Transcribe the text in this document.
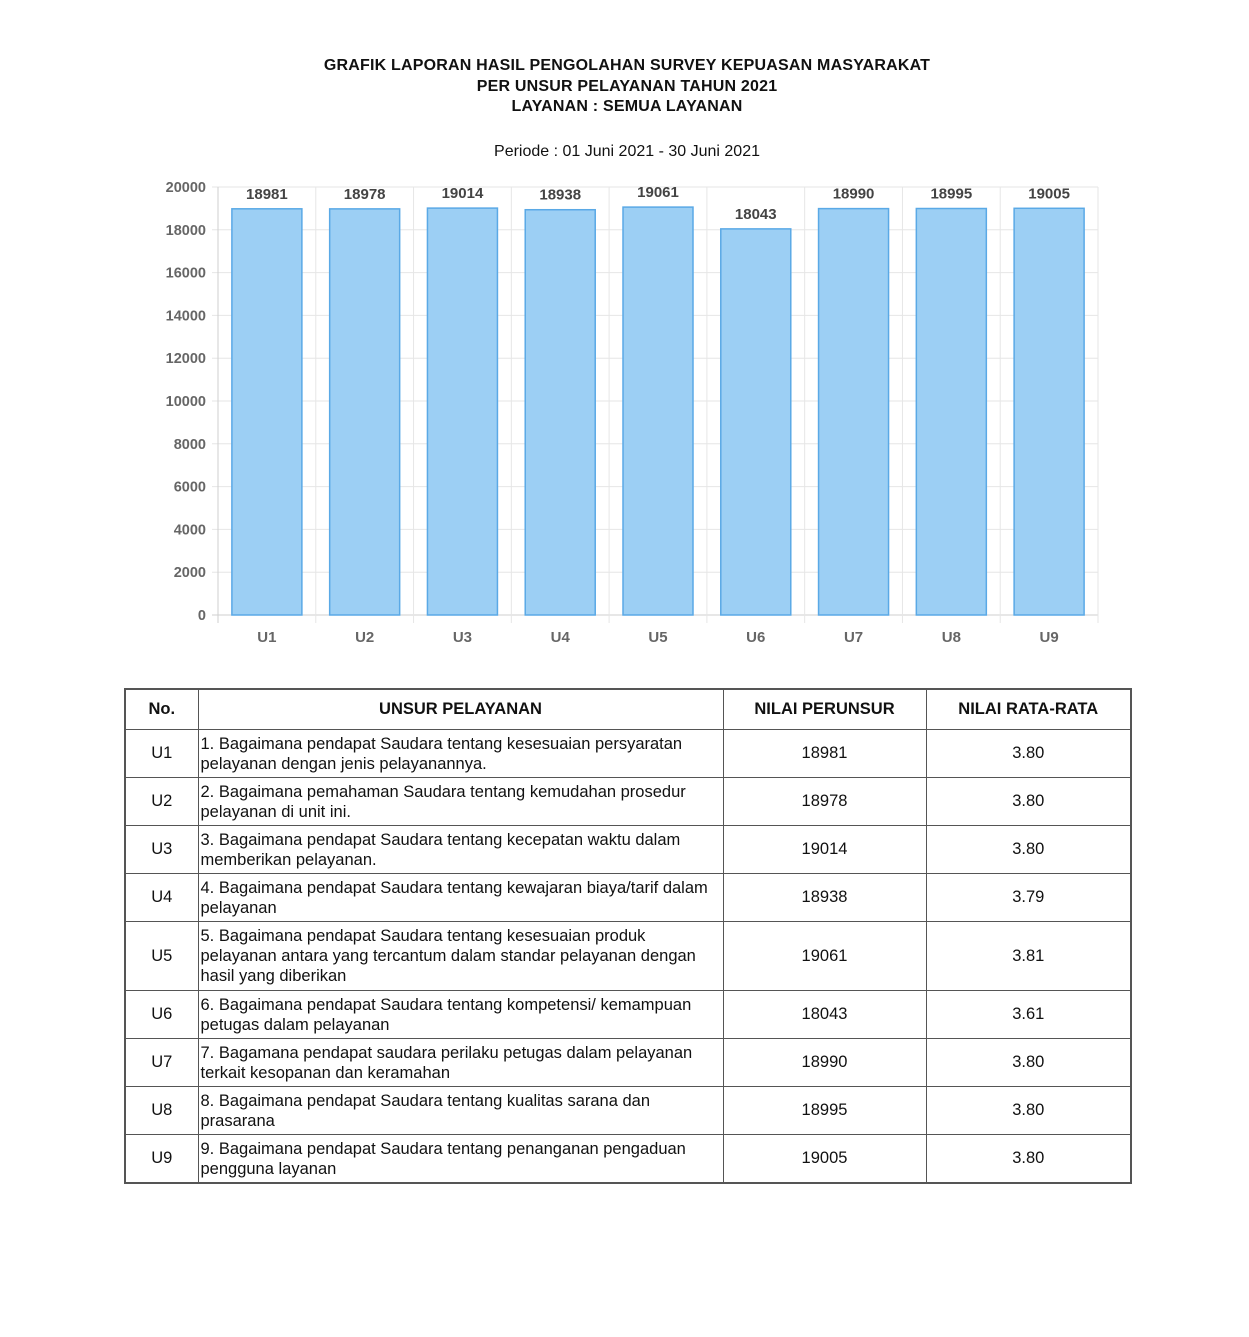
GRAFIK LAPORAN HASIL PENGOLAHAN SURVEY KEPUASAN MASYARAKAT
PER UNSUR PELAYANAN TAHUN 2021
LAYANAN : SEMUA LAYANAN
Periode : 01 Juni 2021 - 30 Juni 2021
0
2000
4000
6000
8000
10000
12000
14000
16000
18000
20000	18981
U1
18978
U2
19014
U3
18938
U4
19061
U5
18043
U6
18990
U7
18995
U8
19005
U9
No.	UNSUR PELAYANAN	NILAI PERUNSUR	NILAI RATA-RATA
U1	1. Bagaimana pendapat Saudara tentang kesesuaian persyaratan pelayanan dengan jenis pelayanannya.	18981	3.80
U2	2. Bagaimana pemahaman Saudara tentang kemudahan prosedur pelayanan di unit ini.	18978	3.80
U3	3. Bagaimana pendapat Saudara tentang kecepatan waktu dalam memberikan pelayanan.	19014	3.80
U4	4. Bagaimana pendapat Saudara tentang kewajaran biaya/tarif dalam pelayanan	18938	3.79
U5	5. Bagaimana pendapat Saudara tentang kesesuaian produk pelayanan antara yang tercantum dalam standar pelayanan dengan hasil yang diberikan	19061	3.81
U6	6. Bagaimana pendapat Saudara tentang kompetensi/ kemampuan petugas dalam pelayanan	18043	3.61
U7	7. Bagamana pendapat saudara perilaku petugas dalam pelayanan terkait kesopanan dan keramahan	18990	3.80
U8	8. Bagaimana pendapat Saudara tentang kualitas sarana dan prasarana	18995	3.80
U9	9. Bagaimana pendapat Saudara tentang penanganan pengaduan pengguna layanan	19005	3.80
